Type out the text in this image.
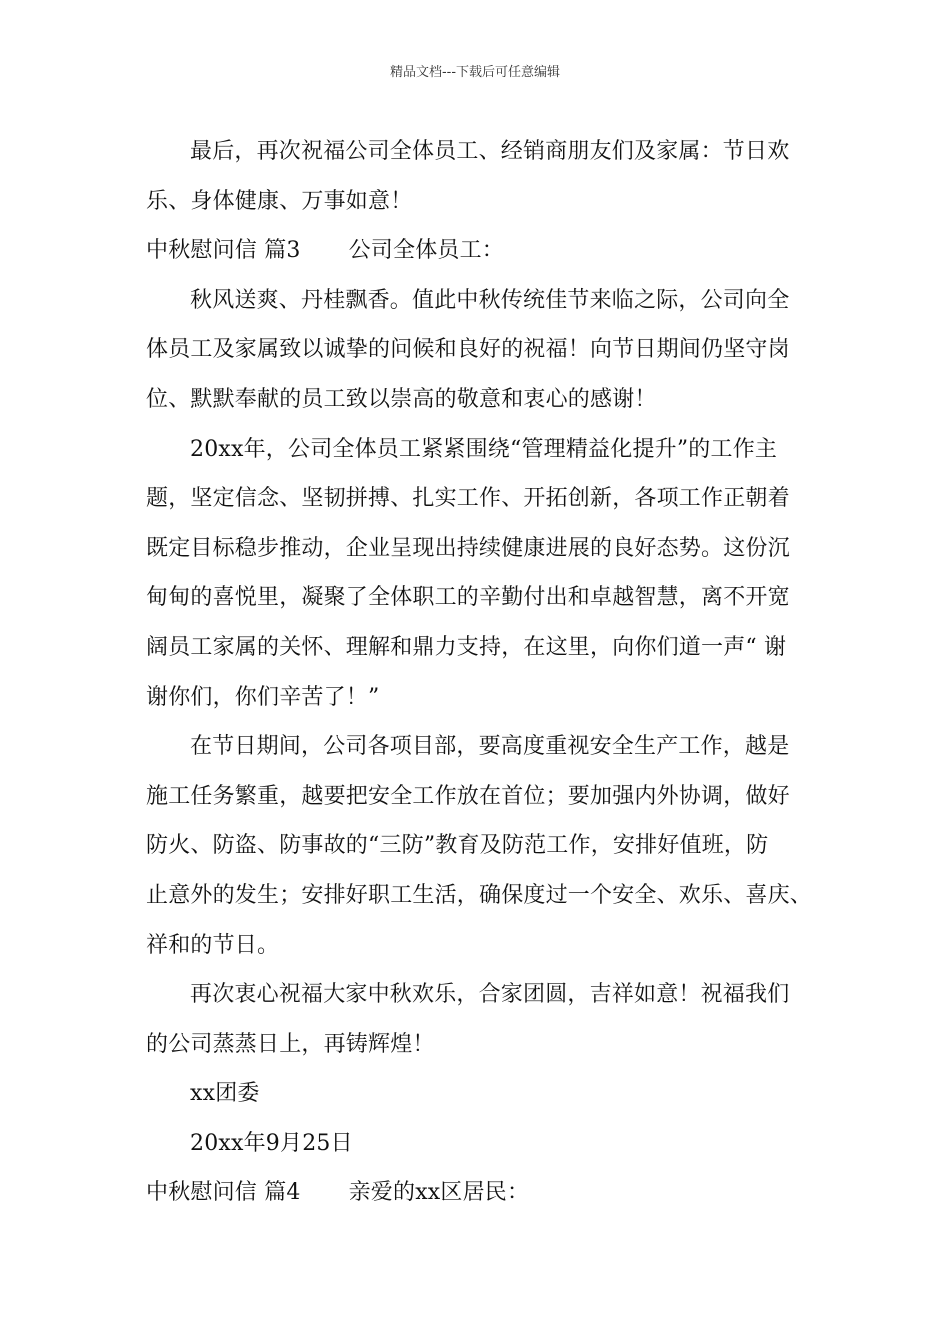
精品文档---下载后可任意编辑
最后，再次祝福公司全体员工、经销商朋友们及家属：节日欢
乐、身体健康、万事如意！
中秋慰问信 篇3 公司全体员工：
秋风送爽、丹桂飘香。值此中秋传统佳节来临之际，公司向全
体员工及家属致以诚挚的问候和良好的祝福！向节日期间仍坚守岗
位、默默奉献的员工致以崇高的敬意和衷心的感谢！
20xx年，公司全体员工紧紧围绕“管理精益化提升”的工作主
题，坚定信念、坚韧拼搏、扎实工作、开拓创新，各项工作正朝着
既定目标稳步推动，企业呈现出持续健康进展的良好态势。这份沉
甸甸的喜悦里，凝聚了全体职工的辛勤付出和卓越智慧，离不开宽
阔员工家属的关怀、理解和鼎力支持，在这里，向你们道一声“ 谢
谢你们，你们辛苦了！”
在节日期间，公司各项目部，要高度重视安全生产工作，越是
施工任务繁重，越要把安全工作放在首位；要加强内外协调，做好
防火、防盗、防事故的“三防”教育及防范工作，安排好值班，防
止意外的发生；安排好职工生活，确保度过一个安全、欢乐、喜庆、
祥和的节日。
再次衷心祝福大家中秋欢乐，合家团圆，吉祥如意！祝福我们
的公司蒸蒸日上，再铸辉煌！
xx团委
20xx年9月25日
中秋慰问信 篇4 亲爱的xx区居民：
